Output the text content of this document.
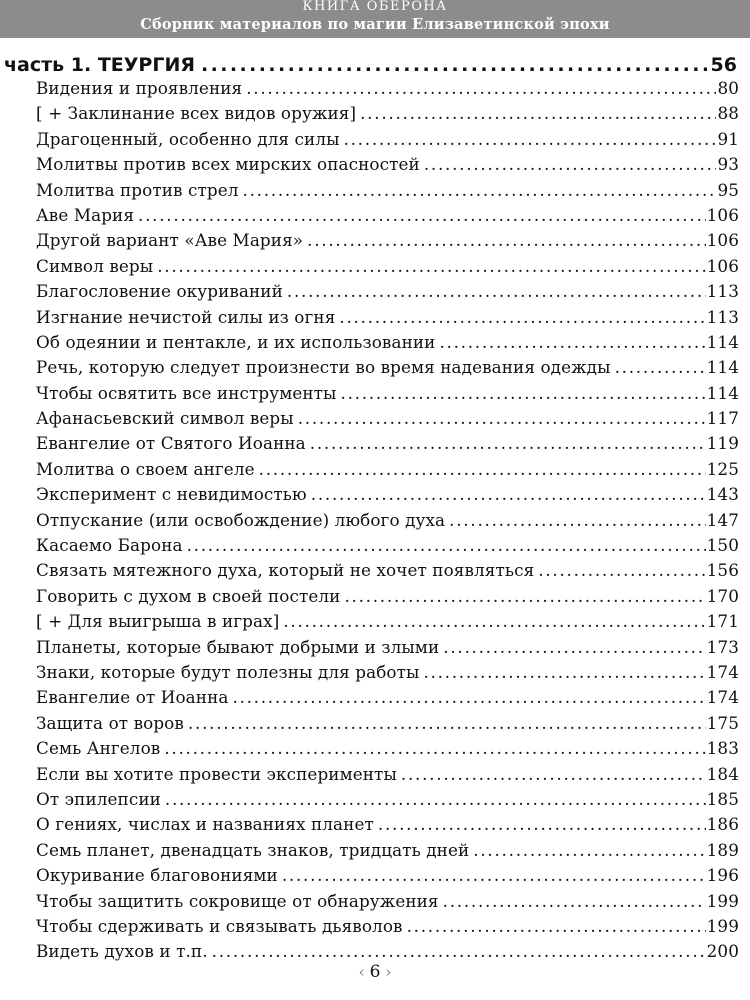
КНИГА ОБЕРОНА
Сборник материалов по магии Елизаветинской эпохи
часть 1. ТЕУРГИЯ . . .	56
Видения и проявления . . .	80
[ + Заклинание всех видов оружия] . . .	88
Драгоценный, особенно для силы . . .	91
Молитвы против всех мирских опасностей . . .	93
Молитва против стрел . . .	95
Аве Мария . . .	106
Другой вариант «Аве Мария» . . .	106
Символ веры . . .	106
Благословение окуриваний . . .	113
Изгнание нечистой силы из огня . . .	113
Об одеянии и пентакле, и их использовании . . .	114
Речь, которую следует произнести во время надевания одежды . . .	114
Чтобы освятить все инструменты . . .	114
Афанасьевский символ веры . . .	117
Евангелие от Святого Иоанна . . .	119
Молитва о своем ангеле . . .	125
Эксперимент с невидимостью . . .	143
Отпускание (или освобождение) любого духа . . .	147
Касаемо Барона . . .	150
Связать мятежного духа, который не хочет появляться . . .	156
Говорить с духом в своей постели . . .	170
[ + Для выигрыша в играх] . . .	171
Планеты, которые бывают добрыми и злыми . . .	173
Знаки, которые будут полезны для работы . . .	174
Евангелие от Иоанна . . .	174
Защита от воров . . .	175
Семь Ангелов . . .	183
Если вы хотите провести эксперименты . . .	184
От эпилепсии . . .	185
О гениях, числах и названиях планет . . .	186
Семь планет, двенадцать знаков, тридцать дней . . .	189
Окуривание благовониями . . .	196
Чтобы защитить сокровище от обнаружения . . .	199
Чтобы сдерживать и связывать дьяволов . . .	199
Видеть духов и т.п. . . .	200
‹ 6 ›
